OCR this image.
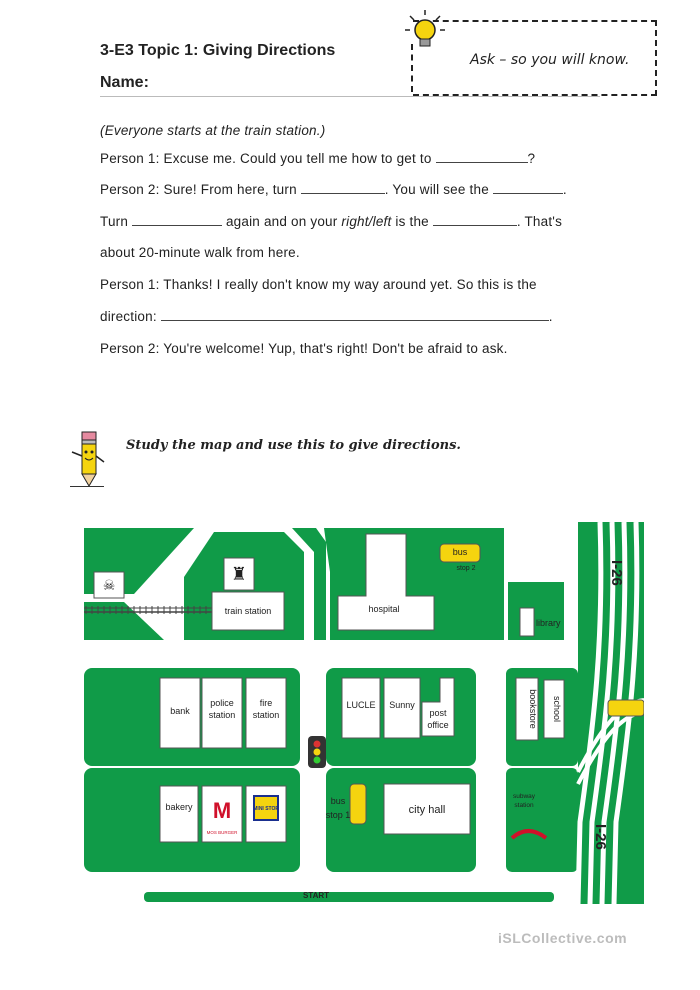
3-E3 Topic 1: Giving Directions
Name:
Ask – so you will know.
(Everyone starts at the train station.)
Person 1: Excuse me. Could you tell me how to get to	?
Person 2: Sure! From here, turn	. You will see the	.
Turn	again and on your right/left is the	. That's
about 20-minute walk from here.
Person 1: Thanks! I really don't know my way around yet. So this is the
direction:	.
Person 2: You're welcome! Yup, that's right! Don't be afraid to ask.
Study the map and use this to give directions.
☠
train station
♜
hospital
bus
stop 2
library
bank
police
station
fire
station
LUCLE Sunny
post
office	bookstore school
bakery M
MOS BURGER
MINI STOP
bus
stop 1	city hall
subway
station
I-26
I-26
START
iSLCollective.com
